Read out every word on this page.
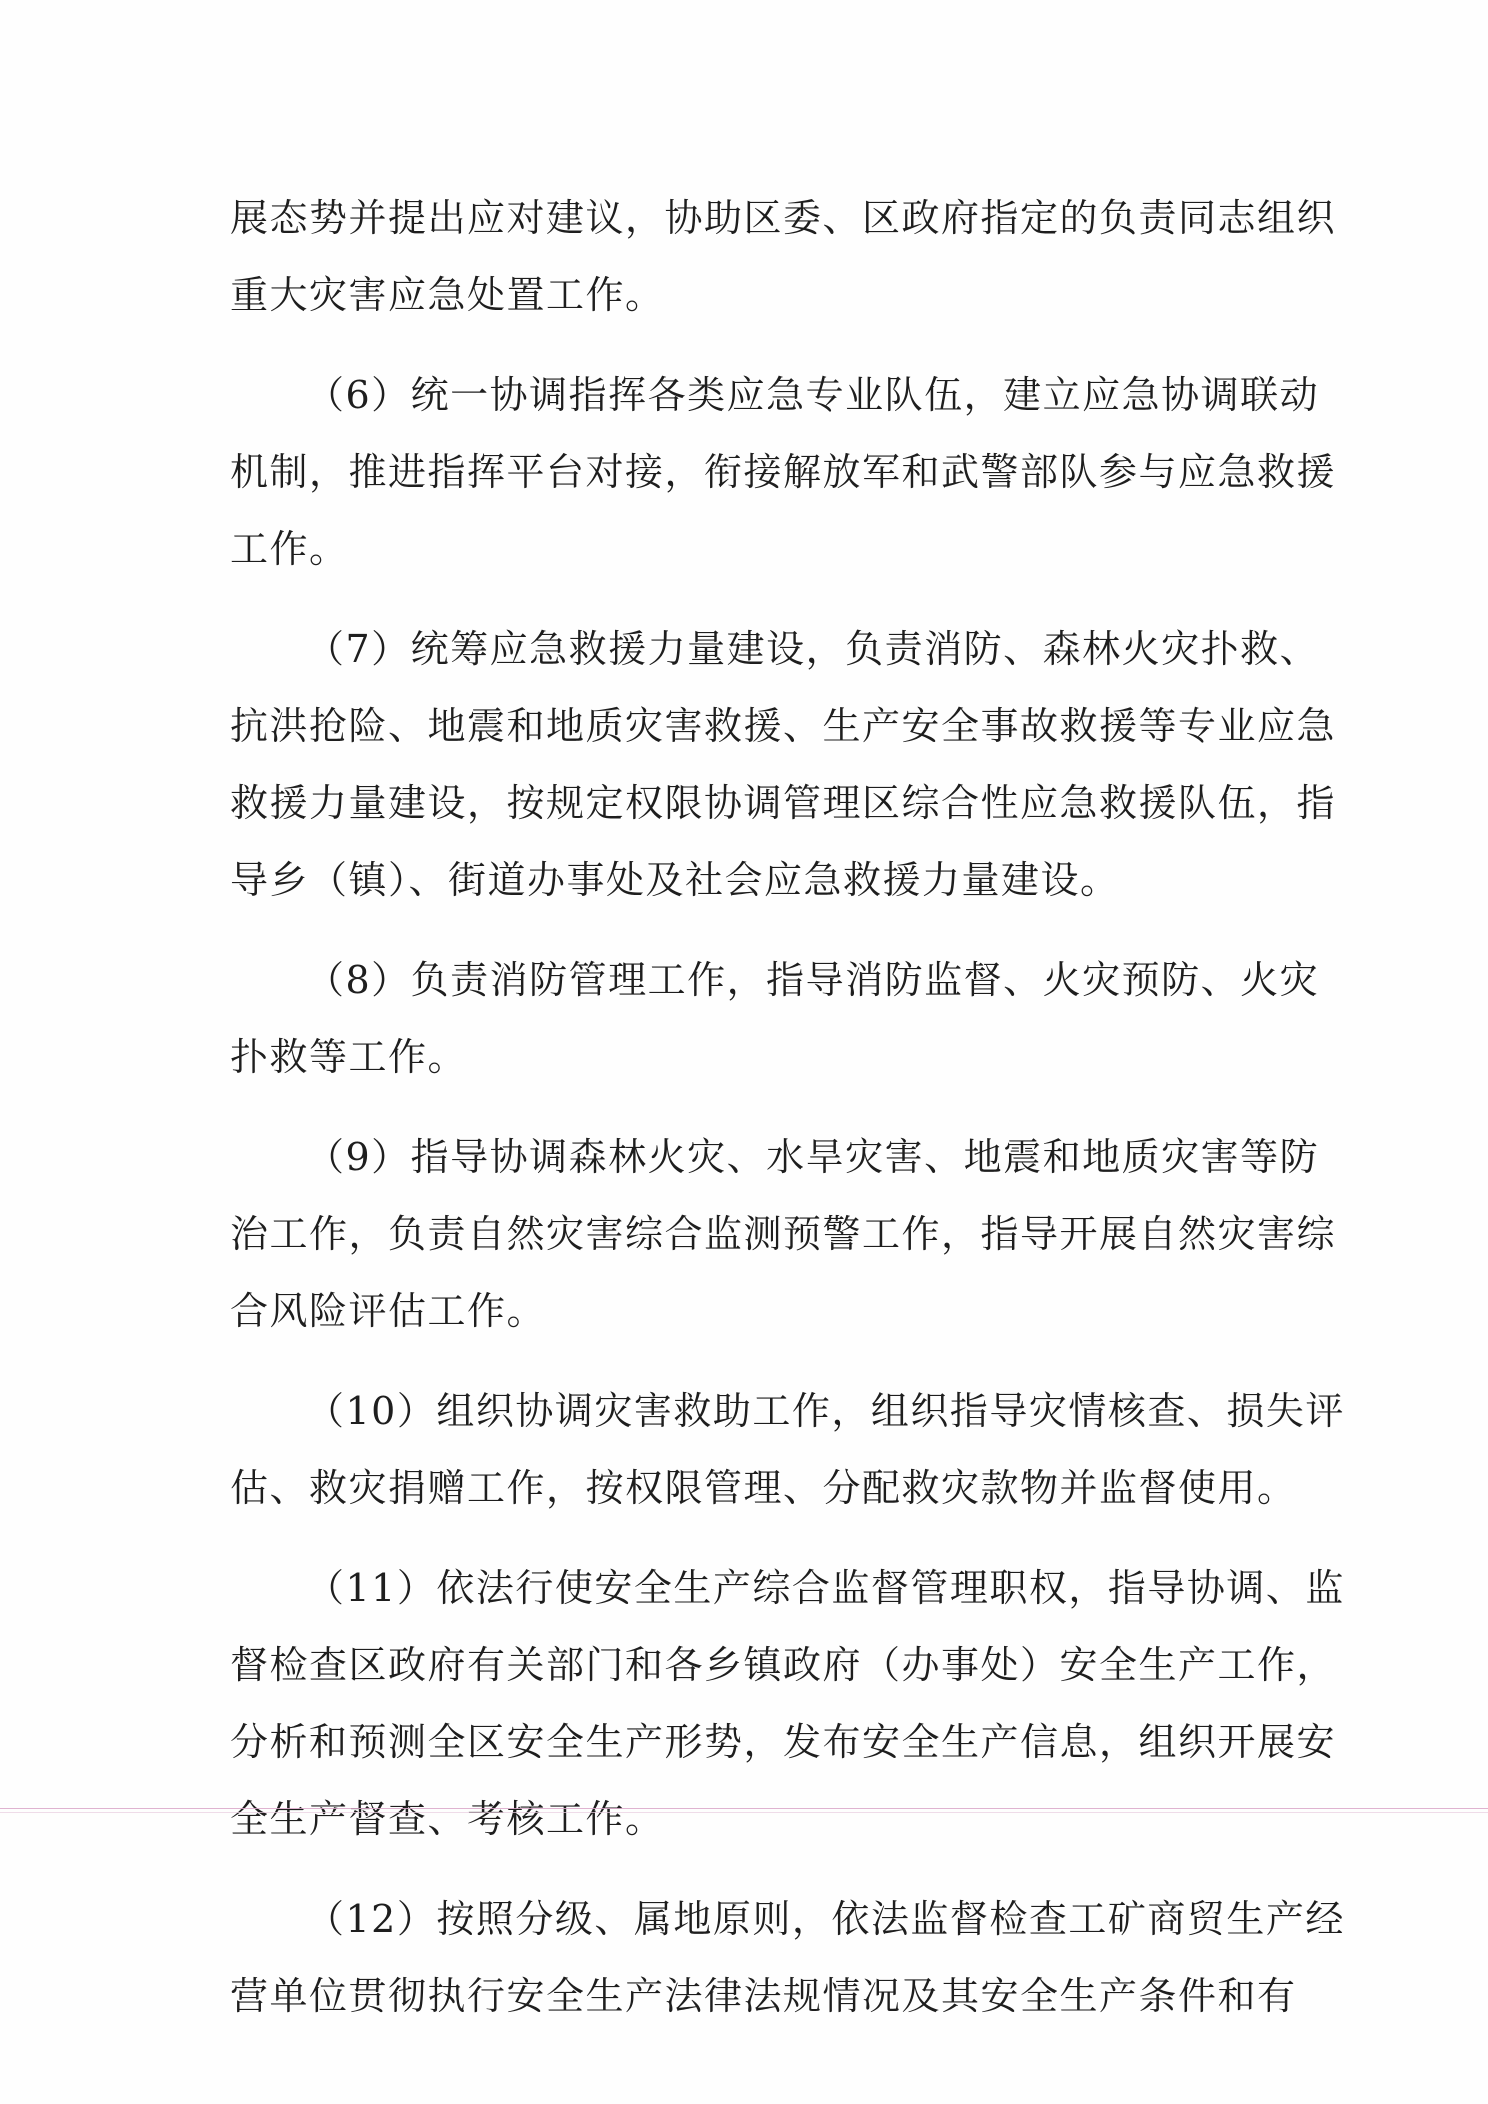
展态势并提出应对建议，协助区委、区政府指定的负责同志组织
重大灾害应急处置工作。
（6）统一协调指挥各类应急专业队伍，建立应急协调联动
机制，推进指挥平台对接，衔接解放军和武警部队参与应急救援
工作。
（7）统筹应急救援力量建设，负责消防、森林火灾扑救、
抗洪抢险、地震和地质灾害救援、生产安全事故救援等专业应急
救援力量建设，按规定权限协调管理区综合性应急救援队伍，指
导乡（镇）、街道办事处及社会应急救援力量建设。
（8）负责消防管理工作，指导消防监督、火灾预防、火灾
扑救等工作。
（9）指导协调森林火灾、水旱灾害、地震和地质灾害等防
治工作，负责自然灾害综合监测预警工作，指导开展自然灾害综
合风险评估工作。
（10）组织协调灾害救助工作，组织指导灾情核查、损失评
估、救灾捐赠工作，按权限管理、分配救灾款物并监督使用。
（11）依法行使安全生产综合监督管理职权，指导协调、监
督检查区政府有关部门和各乡镇政府（办事处）安全生产工作，
分析和预测全区安全生产形势，发布安全生产信息，组织开展安
全生产督查、考核工作。
（12）按照分级、属地原则，依法监督检查工矿商贸生产经
营单位贯彻执行安全生产法律法规情况及其安全生产条件和有
